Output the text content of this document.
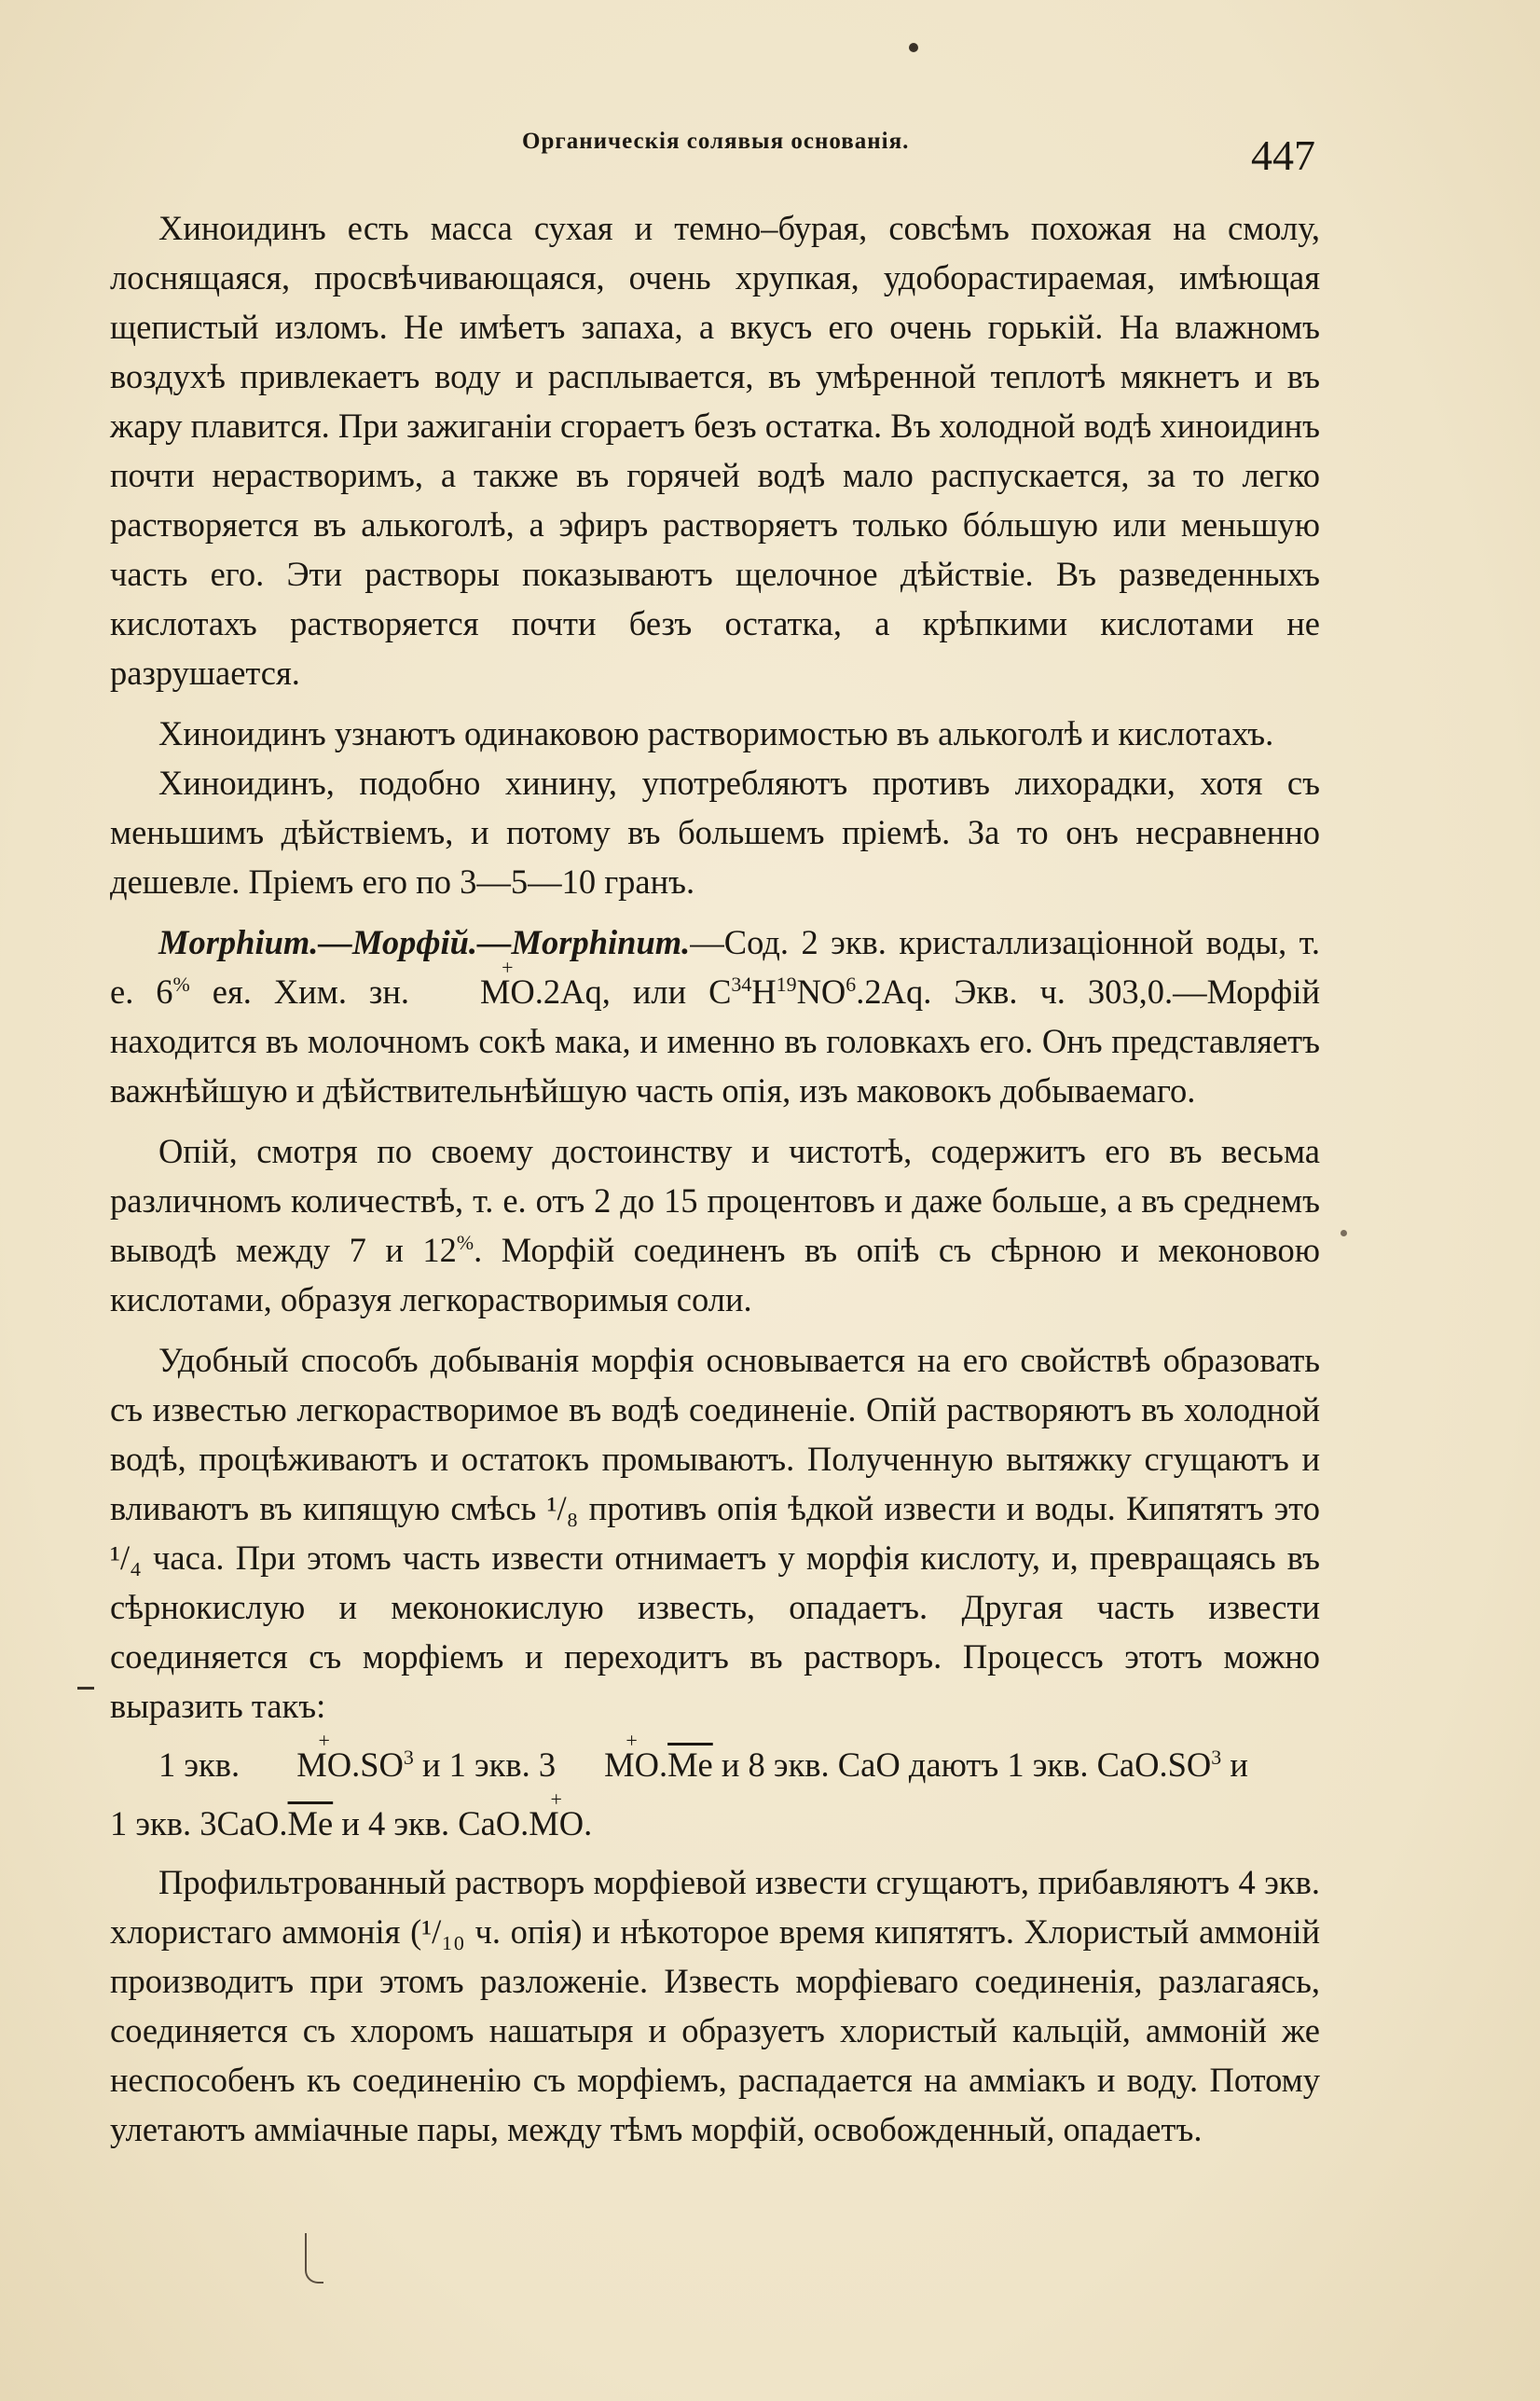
Органическія солявыя основанія.	447

Хиноидинъ есть масса сухая и темно–бурая, совсѣмъ похожая на смолу, лоснящаяся, просвѣчивающаяся, очень хрупкая, удоборастираемая, имѣющая щепистый изломъ. Не имѣетъ запаха, а вкусъ его очень горькій. На влажномъ воздухѣ привлекаетъ воду и расплывается, въ умѣренной теплотѣ мякнетъ и въ жару плавится. При зажиганіи сгораетъ безъ остатка. Въ холодной водѣ хиноидинъ почти нерастворимъ, а также въ горячей водѣ мало распускается, за то легко растворяется въ алькоголѣ, а эфиръ растворяетъ только бóльшую или меньшую часть его. Эти растворы показываютъ щелочное дѣйствіе. Въ разведенныхъ кислотахъ растворяется почти безъ остатка, а крѣпкими кислотами не разрушается.

Хиноидинъ узнаютъ одинаковою растворимостью въ алькоголѣ и кислотахъ.

Хиноидинъ, подобно хинину, употребляютъ противъ лихорадки, хотя съ меньшимъ дѣйствіемъ, и потому въ большемъ пріемѣ. За то онъ несравненно дешевле. Пріемъ его по 3—5—10 гранъ.

Morphium.—Морфій.—Morphinum.—Сод. 2 экв. кристаллизаціонной воды, т. е. 6% ея. Хим. зн. + MO.2Aq, или $C^{34}H^{19}NO^6.2Aq$. Экв. ч. 303,0.—Морфій находится въ молочномъ сокѣ мака, и именно въ головкахъ его. Онъ представляетъ важнѣйшую и дѣйствительнѣйшую часть опія, изъ маковокъ добываемаго.

Опій, смотря по своему достоинству и чистотѣ, содержитъ его въ весьма различномъ количествѣ, т. е. отъ 2 до 15 процентовъ и даже больше, а въ среднемъ выводѣ между 7 и 12%. Морфій соединенъ въ опіѣ съ сѣрною и меконовою кислотами, образуя легкорастворимыя соли.

Удобный способъ добыванія морфія основывается на его свойствѣ образовать съ известью легкорастворимое въ водѣ соединеніе. Опій растворяютъ въ холодной водѣ, процѣживаютъ и остатокъ промываютъ. Полученную вытяжку сгущаютъ и вливаютъ въ кипящую смѣсь ¹/₈ противъ опія ѣдкой извести и воды. Кипятятъ это ¹/₄ часа. При этомъ часть извести отнимаетъ у морфія кислоту, и, превращаясь въ сѣрнокислую и меконокислую известь, опадаетъ. Другая часть извести соединяется съ морфіемъ и переходитъ въ растворъ. Процессъ этотъ можно выразить такъ:

1 экв. + $MO.SO^3$ и 1 экв. $3 + MO.\overline{Me}$ и 8 экв. CaO даютъ 1 экв. $CaO.SO^3$ и
1 экв. $3CaO.\overline{Me}$ и 4 экв. CaO.+ MO.

Профильтрованный растворъ морфіевой извести сгущаютъ, прибавляютъ 4 экв. хлористаго аммонія (¹/₁₀ ч. опія) и нѣкоторое время кипятятъ. Хлористый аммоній производитъ при этомъ разложеніе. Известь морфіеваго соединенія, разлагаясь, соединяется съ хлоромъ нашатыря и образуетъ хлористый кальцій, аммоній же неспособенъ къ соединенію съ морфіемъ, распадается на амміакъ и воду. Потому улетаютъ амміачные пары, между тѣмъ морфій, освобожденный, опадаетъ.
